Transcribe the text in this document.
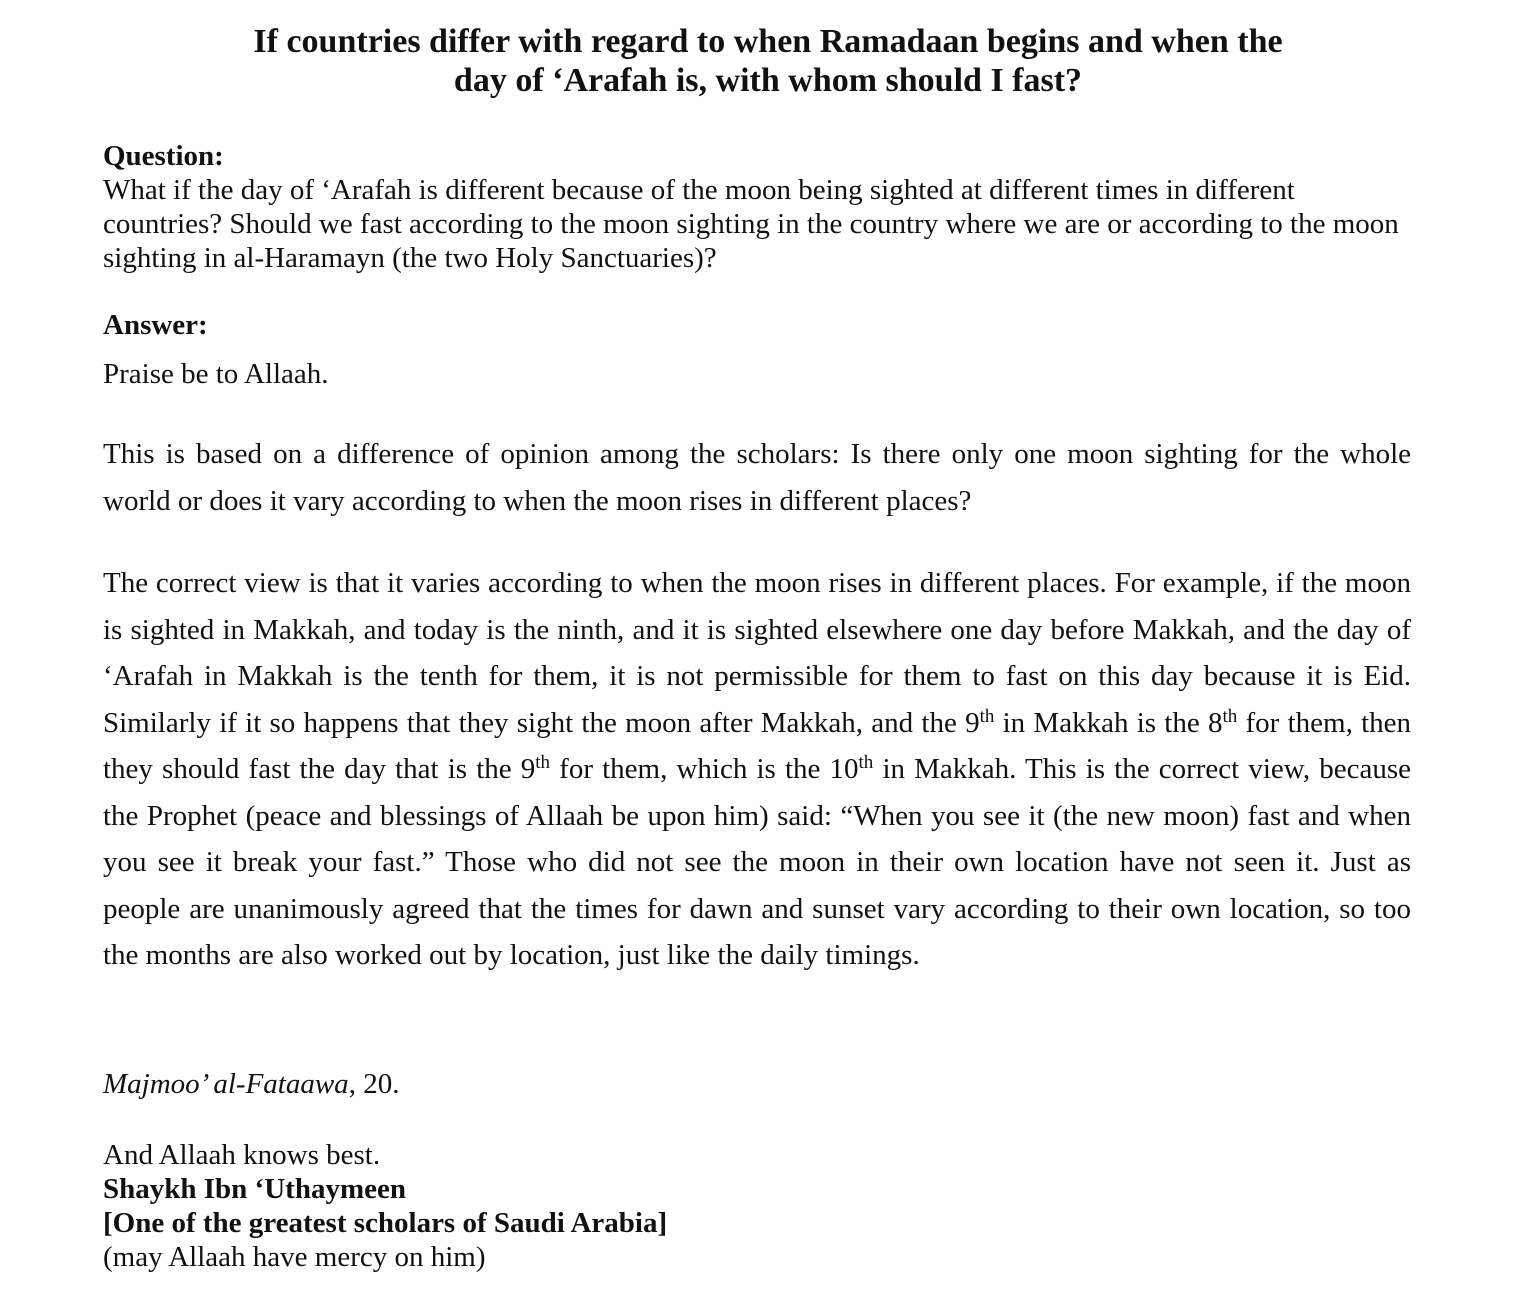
If countries differ with regard to when Ramadaan begins and when the
day of ‘Arafah is, with whom should I fast?
Question:
What if the day of ‘Arafah is different because of the moon being sighted at different times in different countries? Should we fast according to the moon sighting in the country where we are or according to the moon sighting in al-Haramayn (the two Holy Sanctuaries)?
Answer:
Praise be to Allaah.

This is based on a difference of opinion among the scholars: Is there only one moon sighting for the whole world or does it vary according to when the moon rises in different places?

The correct view is that it varies according to when the moon rises in different places. For example, if the moon is sighted in Makkah, and today is the ninth, and it is sighted elsewhere one day before Makkah, and the day of ‘Arafah in Makkah is the tenth for them, it is not permissible for them to fast on this day because it is Eid. Similarly if it so happens that they sight the moon after Makkah, and the 9th in Makkah is the 8th for them, then they should fast the day that is the 9th for them, which is the 10th in Makkah. This is the correct view, because the Prophet (peace and blessings of Allaah be upon him) said: “When you see it (the new moon) fast and when you see it break your fast.” Those who did not see the moon in their own location have not seen it. Just as people are unanimously agreed that the times for dawn and sunset vary according to their own location, so too the months are also worked out by location, just like the daily timings.

Majmoo’ al-Fataawa, 20.
And Allaah knows best.
Shaykh Ibn ‘Uthaymeen
[One of the greatest scholars of Saudi Arabia]
(may Allaah have mercy on him)
